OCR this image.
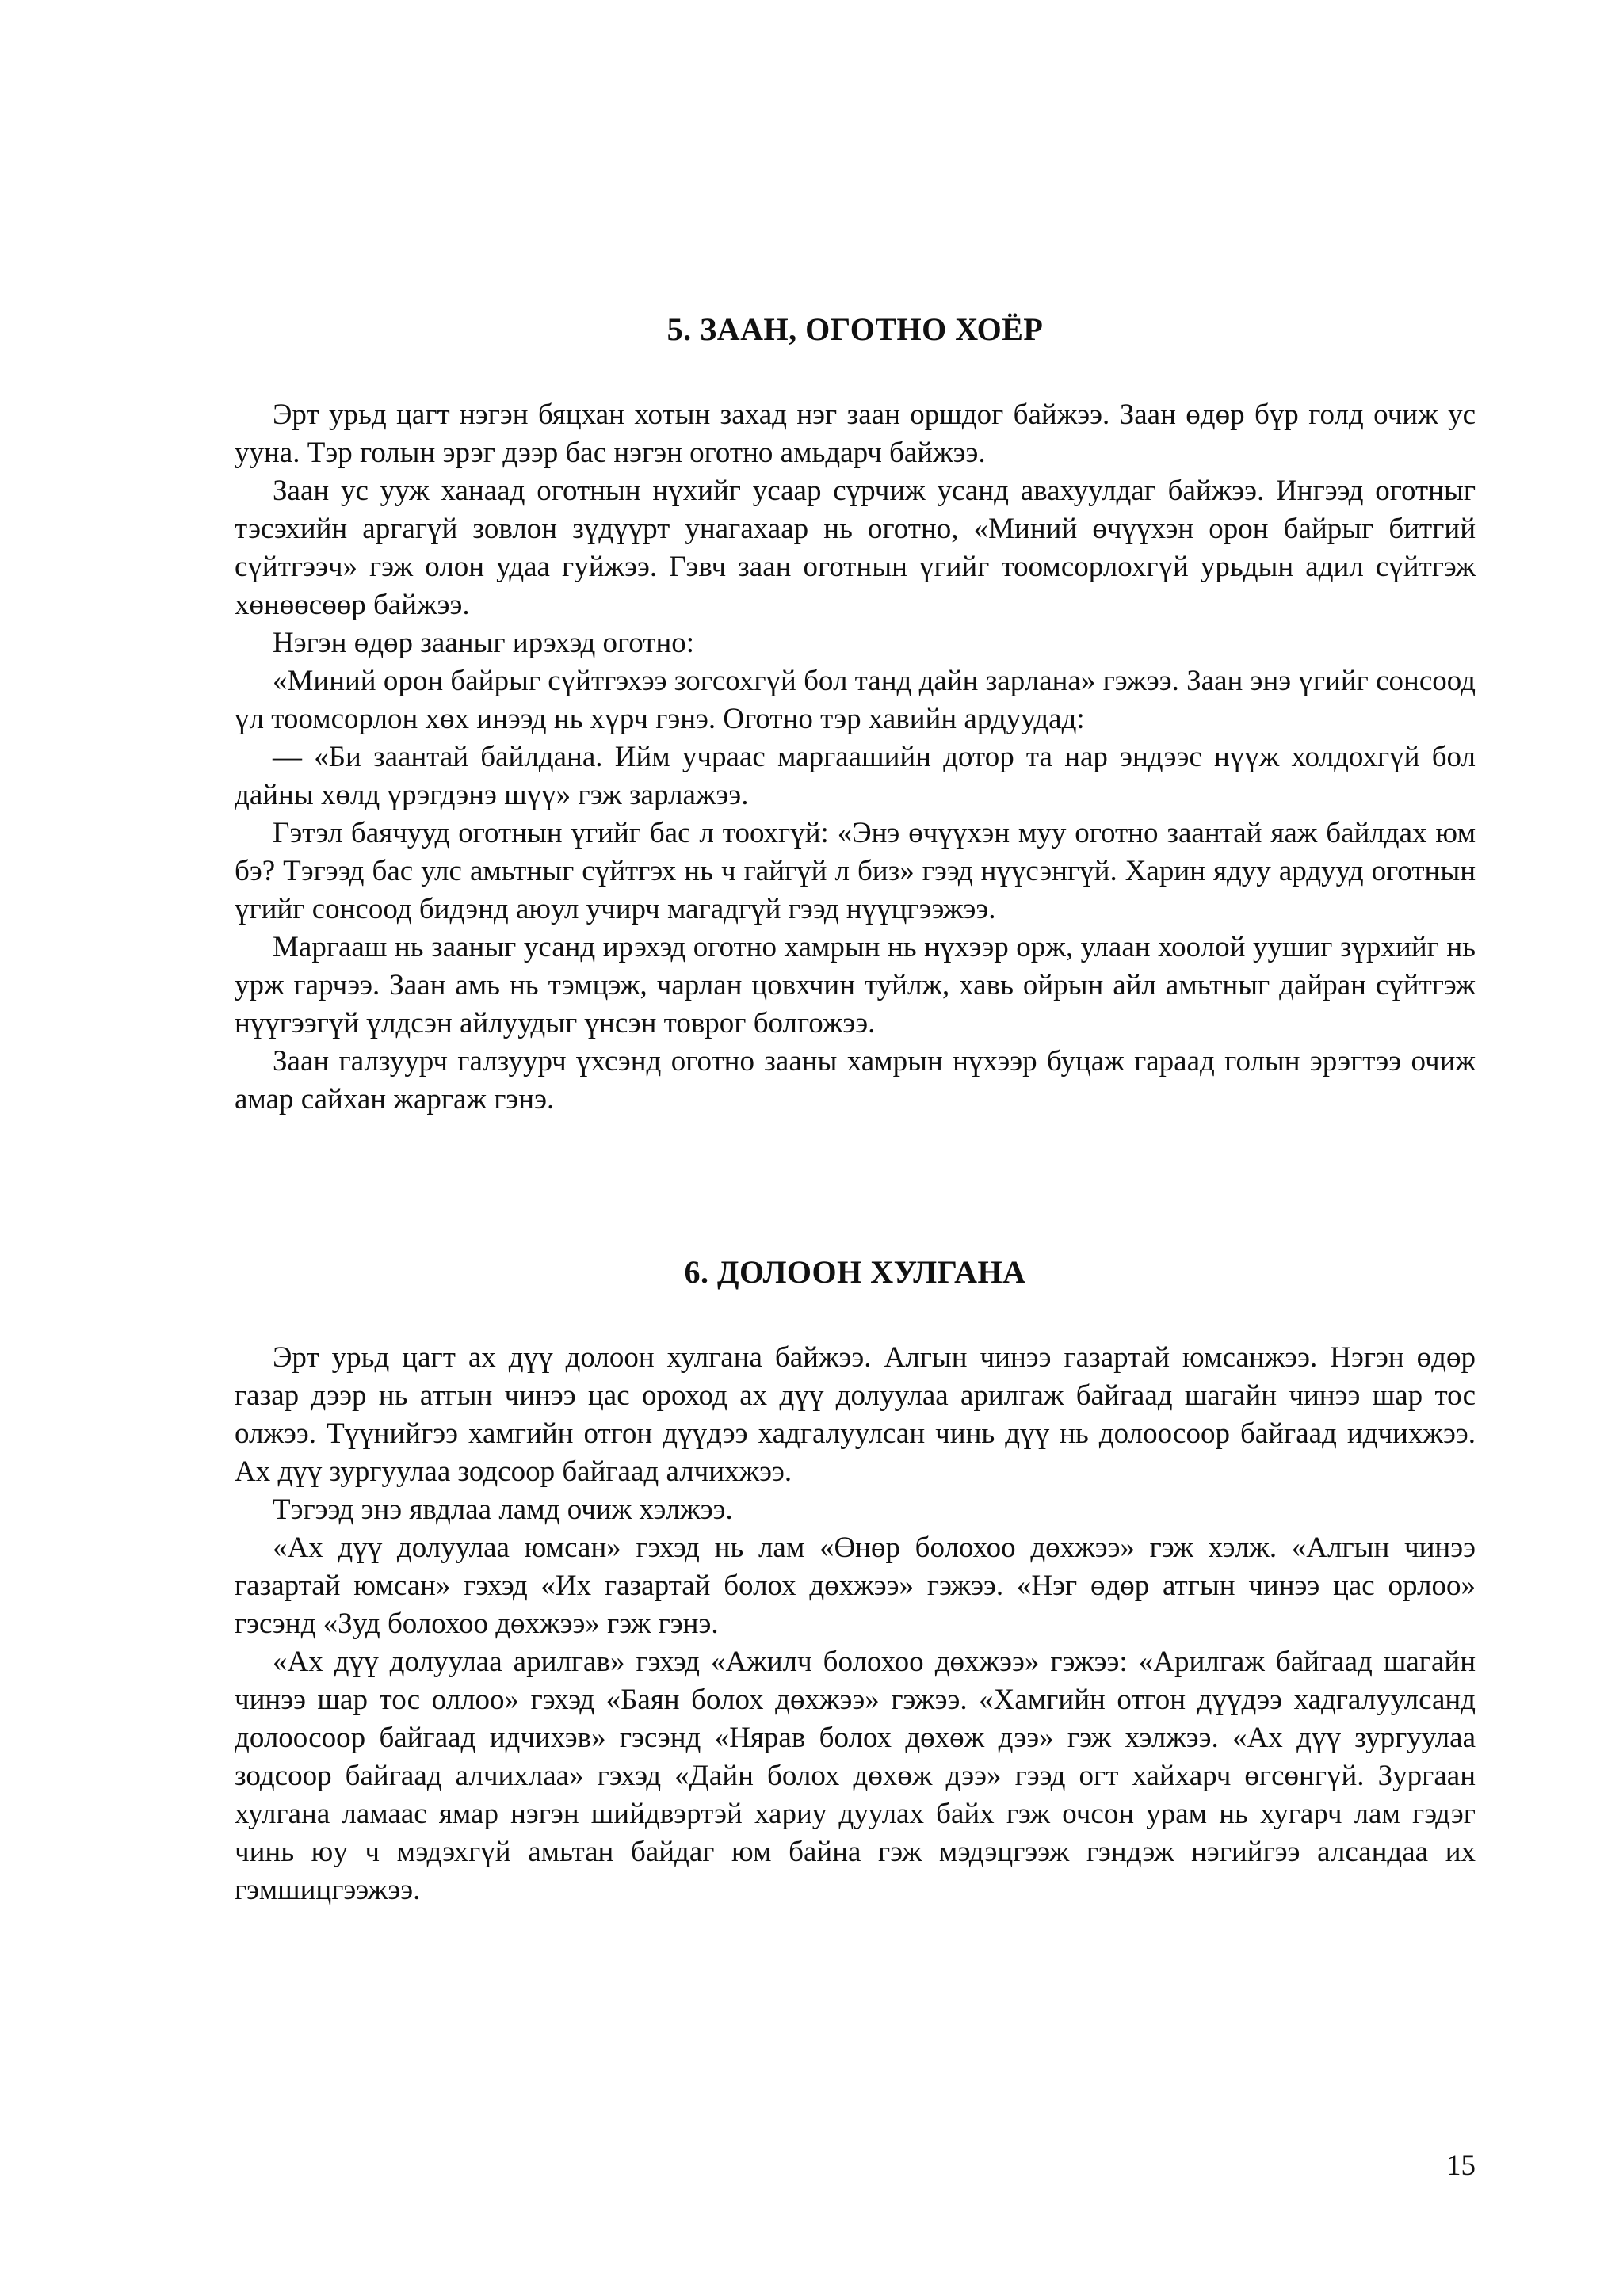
5. ЗААН, ОГОТНО ХОЁР

Эрт урьд цагт нэгэн бяцхан хотын захад нэг заан оршдог байжээ. Заан өдөр бүр голд очиж ус ууна. Тэр голын эрэг дээр бас нэгэн оготно амьдарч байжээ.

Заан ус ууж ханаад оготнын нүхийг усаар сүрчиж усанд авахуулдаг байжээ. Ингээд оготныг тэсэхийн аргагүй зовлон зүдүүрт унагахаар нь оготно, «Миний өчүүхэн орон байрыг битгий сүйтгээч» гэж олон удаа гуйжээ. Гэвч заан оготнын үгийг тоомсорлохгүй урьдын адил сүйтгэж хөнөөсөөр байжээ.

Нэгэн өдөр зааныг ирэхэд оготно:

«Миний орон байрыг сүйтгэхээ зогсохгүй бол танд дайн зарлана» гэжээ. Заан энэ үгийг сонсоод үл тоомсорлон хөх инээд нь хүрч гэнэ. Оготно тэр хавийн ардуудад:

— «Би заантай байлдана. Ийм учраас маргаашийн дотор та нар эндээс нүүж холдохгүй бол дайны хөлд үрэгдэнэ шүү» гэж зарлажээ.

Гэтэл баячууд оготнын үгийг бас л тоохгүй: «Энэ өчүүхэн муу оготно заантай яаж байлдах юм бэ? Тэгээд бас улс амьтныг сүйтгэх нь ч гайгүй л биз» гээд нүүсэнгүй. Харин ядуу ардууд оготнын үгийг сонсоод бидэнд аюул учирч магадгүй гээд нүүцгээжээ.

Маргааш нь зааныг усанд ирэхэд оготно хамрын нь нүхээр орж, улаан хоолой уушиг зүрхийг нь урж гарчээ. Заан амь нь тэмцэж, чарлан цовхчин туйлж, хавь ойрын айл амьтныг дайран сүйтгэж нүүгээгүй үлдсэн айлуудыг үнсэн товрог болгожээ.

Заан галзуурч галзуурч үхсэнд оготно зааны хамрын нүхээр буцаж гараад голын эрэгтээ очиж амар сайхан жаргаж гэнэ.

6. ДОЛООН ХУЛГАНА

Эрт урьд цагт ах дүү долоон хулгана байжээ. Алгын чинээ газартай юмсанжээ. Нэгэн өдөр газар дээр нь атгын чинээ цас ороход ах дүү долуулаа арилгаж байгаад шагайн чинээ шар тос олжээ. Түүнийгээ хамгийн отгон дүүдээ хадгалуулсан чинь дүү нь долоосоор байгаад идчихжээ. Ах дүү зургуулаа зодсоор байгаад алчихжээ.

Тэгээд энэ явдлаа ламд очиж хэлжээ.

«Ах дүү долуулаа юмсан» гэхэд нь лам «Өнөр болохоо дөхжээ» гэж хэлж. «Алгын чинээ газартай юмсан» гэхэд «Их газартай болох дөхжээ» гэжээ. «Нэг өдөр атгын чинээ цас орлоо» гэсэнд «Зуд болохоо дөхжээ» гэж гэнэ.

«Ах дүү долуулаа арилгав» гэхэд «Ажилч болохоо дөхжээ» гэжээ: «Арилгаж байгаад шагайн чинээ шар тос оллоо» гэхэд «Баян болох дөхжээ» гэжээ. «Хамгийн отгон дүүдээ хадгалуулсанд долоосоор байгаад идчихэв» гэсэнд «Нярав болох дөхөж дээ» гэж хэлжээ. «Ах дүү зургуулаа зодсоор байгаад алчихлаа» гэхэд «Дайн болох дөхөж дээ» гээд огт хайхарч өгсөнгүй. Зургаан хулгана ламаас ямар нэгэн шийдвэртэй хариу дуулах байх гэж очсон урам нь хугарч лам гэдэг чинь юу ч мэдэхгүй амьтан байдаг юм байна гэж мэдэцгээж гэндэж нэгийгээ алсандаа их гэмшицгээжээ.

15
